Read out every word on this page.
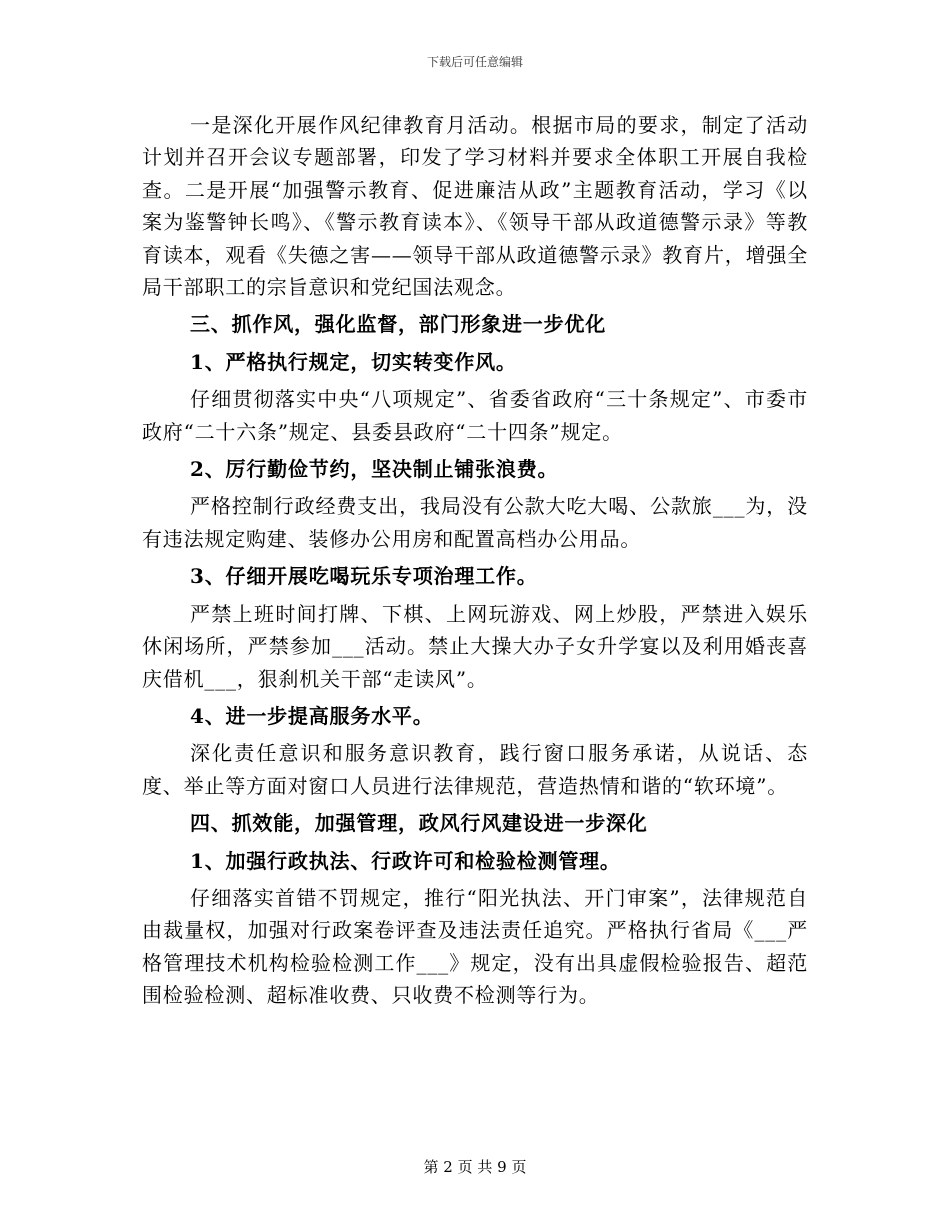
下载后可任意编辑

一是深化开展作风纪律教育月活动。根据市局的要求，制定了活动计划并召开会议专题部署，印发了学习材料并要求全体职工开展自我检查。二是开展“加强警示教育、促进廉洁从政”主题教育活动，学习《以案为鉴警钟长鸣》、《警示教育读本》、《领导干部从政道德警示录》等教育读本，观看《失德之害——领导干部从政道德警示录》教育片，增强全局干部职工的宗旨意识和党纪国法观念。

三、抓作风，强化监督，部门形象进一步优化

1、严格执行规定，切实转变作风。

仔细贯彻落实中央“八项规定”、省委省政府“三十条规定”、市委市政府“二十六条”规定、县委县政府“二十四条”规定。

2、厉行勤俭节约，坚决制止铺张浪费。

严格控制行政经费支出，我局没有公款大吃大喝、公款旅___为，没有违法规定购建、装修办公用房和配置高档办公用品。

3、仔细开展吃喝玩乐专项治理工作。

严禁上班时间打牌、下棋、上网玩游戏、网上炒股，严禁进入娱乐休闲场所，严禁参加___活动。禁止大操大办子女升学宴以及利用婚丧喜庆借机___，狠刹机关干部“走读风”。

4、进一步提高服务水平。

深化责任意识和服务意识教育，践行窗口服务承诺，从说话、态度、举止等方面对窗口人员进行法律规范，营造热情和谐的“软环境”。

四、抓效能，加强管理，政风行风建设进一步深化

1、加强行政执法、行政许可和检验检测管理。

仔细落实首错不罚规定，推行“阳光执法、开门审案”，法律规范自由裁量权，加强对行政案卷评查及违法责任追究。严格执行省局《___严格管理技术机构检验检测工作___》规定，没有出具虚假检验报告、超范围检验检测、超标准收费、只收费不检测等行为。

第 2 页 共 9 页
